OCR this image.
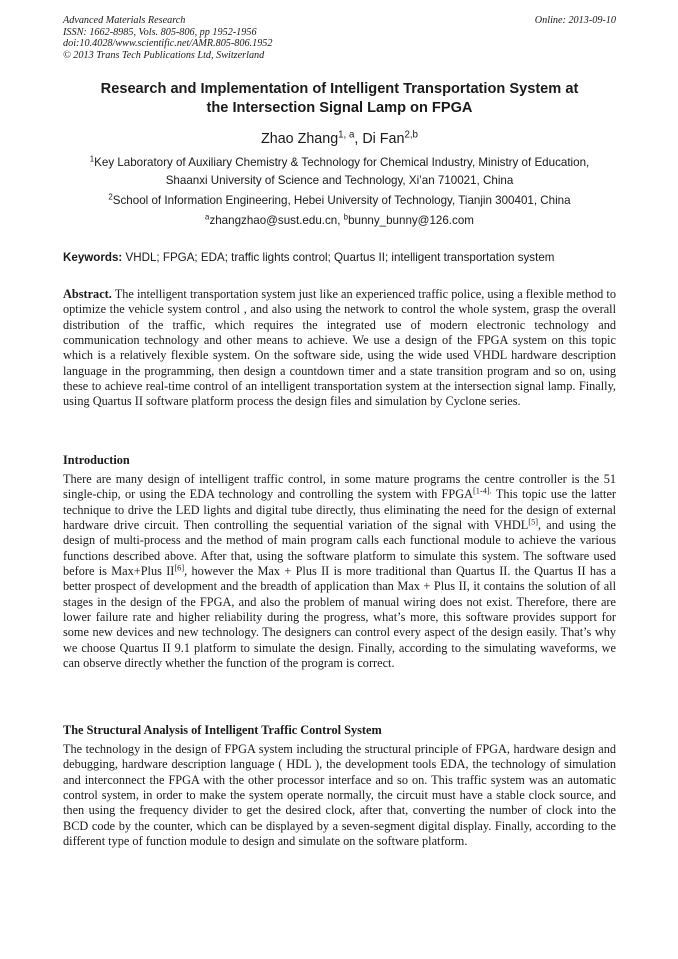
Advanced Materials Research
ISSN: 1662-8985, Vols. 805-806, pp 1952-1956
doi:10.4028/www.scientific.net/AMR.805-806.1952
© 2013 Trans Tech Publications Ltd, Switzerland
Online: 2013-09-10
Research and Implementation of Intelligent Transportation System at
the Intersection Signal Lamp on FPGA
Zhao Zhang$^{1, a}$, Di Fan$^{2,b}$
$^1$Key Laboratory of Auxiliary Chemistry & Technology for Chemical Industry, Ministry of Education,
Shaanxi University of Science and Technology, Xi’an 710021, China
$^2$School of Information Engineering, Hebei University of Technology, Tianjin 300401, China
$^a$zhangzhao@sust.edu.cn, $^b$bunny_bunny@126.com
Keywords: VHDL; FPGA; EDA; traffic lights control; Quartus II; intelligent transportation system
Abstract. The intelligent transportation system just like an experienced traffic police, using a flexible method to optimize the vehicle system control , and also using the network to control the whole system, grasp the overall distribution of the traffic, which requires the integrated use of modern electronic technology and communication technology and other means to achieve. We use a design of the FPGA system on this topic which is a relatively flexible system. On the software side, using the wide used VHDL hardware description language in the programming, then design a countdown timer and a state transition program and so on, using these to achieve real-time control of an intelligent transportation system at the intersection signal lamp. Finally, using Quartus II software platform process the design files and simulation by Cyclone series.
Introduction
There are many design of intelligent traffic control, in some mature programs the centre controller is the 51 single-chip, or using the EDA technology and controlling the system with $FPGA^{[1-4].}$ This topic use the latter technique to drive the LED lights and digital tube directly, thus eliminating the need for the design of external hardware drive circuit. Then controlling the sequential variation of the signal with VHDL[5], and using the design of multi-process and the method of main program calls each functional module to achieve the various functions described above. After that, using the software platform to simulate this system. The software used before is Max+Plus II[6], however the Max + Plus II is more traditional than Quartus II. the Quartus II has a better prospect of development and the breadth of application than Max + Plus II, it contains the solution of all stages in the design of the FPGA, and also the problem of manual wiring does not exist. Therefore, there are lower failure rate and higher reliability during the progress, what’s more, this software provides support for some new devices and new technology. The designers can control every aspect of the design easily. That’s why we choose Quartus II 9.1 platform to simulate the design. Finally, according to the simulating waveforms, we can observe directly whether the function of the program is correct.
The Structural Analysis of Intelligent Traffic Control System
The technology in the design of FPGA system including the structural principle of FPGA, hardware design and debugging, hardware description language ( HDL ), the development tools EDA, the technology of simulation and interconnect the FPGA with the other processor interface and so on. This traffic system was an automatic control system, in order to make the system operate normally, the circuit must have a stable clock source, and then using the frequency divider to get the desired clock, after that, converting the number of clock into the BCD code by the counter, which can be displayed by a seven-segment digital display. Finally, according to the different type of function module to design and simulate on the software platform.
